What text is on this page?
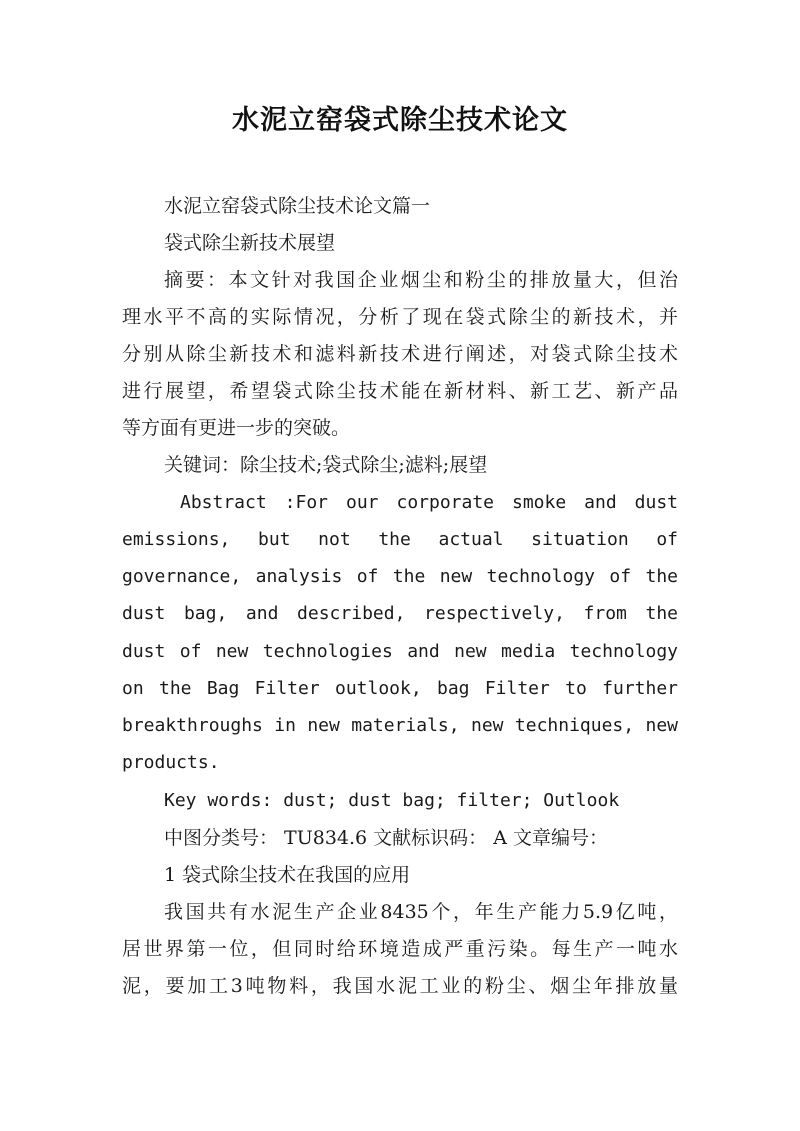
水泥立窑袋式除尘技术论文
水泥立窑袋式除尘技术论文篇一
袋式除尘新技术展望
摘要：本文针对我国企业烟尘和粉尘的排放量大，但治
理水平不高的实际情况，分析了现在袋式除尘的新技术，并
分别从除尘新技术和滤料新技术进行阐述，对袋式除尘技术
进行展望，希望袋式除尘技术能在新材料、新工艺、新产品
等方面有更进一步的突破。
关键词：除尘技术;袋式除尘;滤料;展望
Abstract :For our corporate smoke and dust
emissions, but not the actual situation of
governance, analysis of the new technology of the
dust bag, and described, respectively, from the
dust of new technologies and new media technology
on the Bag Filter outlook, bag Filter to further
breakthroughs in new materials, new techniques, new
products.
Key words: dust; dust bag; filter; Outlook
中图分类号： TU834.6 文献标识码： A 文章编号：
1 袋式除尘技术在我国的应用
我国共有水泥生产企业8435个，年生产能力5.9亿吨，
居世界第一位，但同时给环境造成严重污染。每生产一吨水
泥，要加工3吨物料，我国水泥工业的粉尘、烟尘年排放量
